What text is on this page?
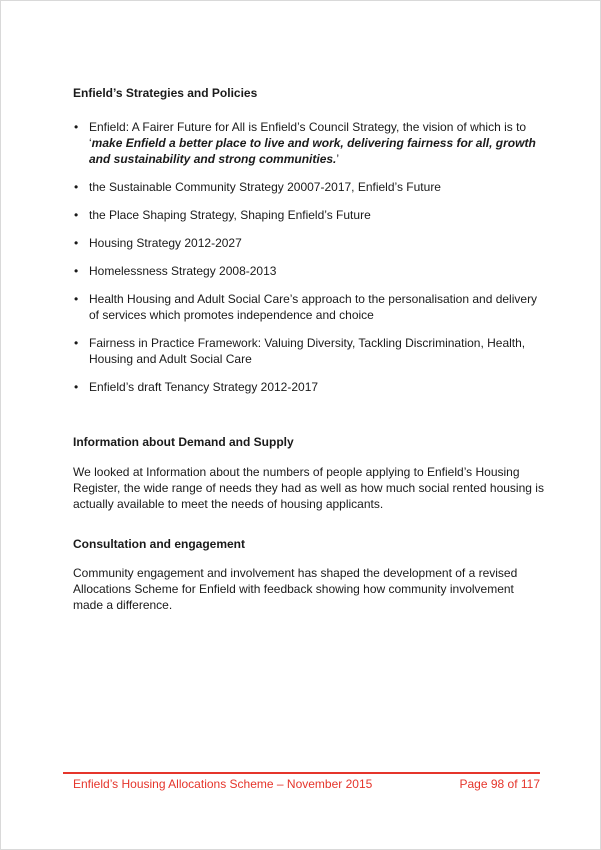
Enfield’s Strategies and Policies
• Enfield: A Fairer Future for All is Enfield’s Council Strategy, the vision of which is to ‘make Enfield a better place to live and work, delivering fairness for all, growth and sustainability and strong communities.’
• the Sustainable Community Strategy 20007-2017, Enfield’s Future
• the Place Shaping Strategy, Shaping Enfield’s Future
• Housing Strategy 2012-2027
• Homelessness Strategy 2008-2013
• Health Housing and Adult Social Care’s approach to the personalisation and delivery of services which promotes independence and choice
• Fairness in Practice Framework: Valuing Diversity, Tackling Discrimination, Health, Housing and Adult Social Care
• Enfield’s draft Tenancy Strategy 2012-2017
Information about Demand and Supply

We looked at Information about the numbers of people applying to Enfield’s Housing Register, the wide range of needs they had as well as how much social rented housing is actually available to meet the needs of housing applicants.

Consultation and engagement

Community engagement and involvement has shaped the development of a revised Allocations Scheme for Enfield with feedback showing how community involvement made a difference.

Enfield’s Housing Allocations Scheme – November 2015	Page 98 of 117
